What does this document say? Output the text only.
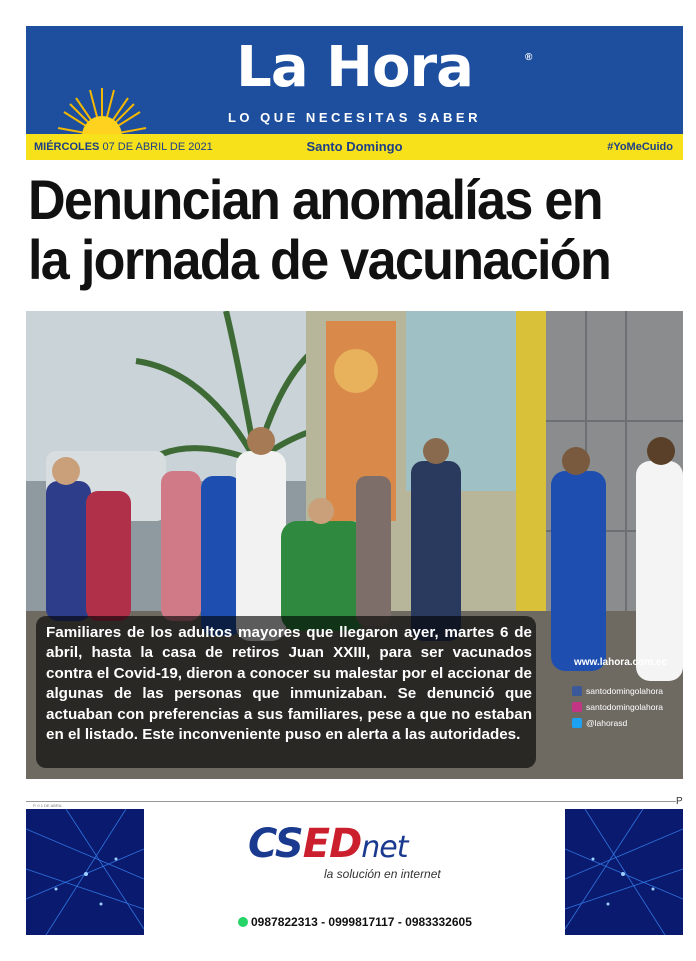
La Hora	®
LO QUE NECESITAS SABER
MIÉRCOLES 07 DE ABRIL DE 2021	Santo Domingo	#YoMeCuido
Denuncian anomalías en
la jornada de vacunación
Familiares de los adultos mayores que llegaron ayer, martes 6 de abril, hasta la casa de retiros Juan XXIII, para ser vacunados contra el Covid-19, dieron a conocer su malestar por el accionar de algunas de las personas que inmunizaban. Se denunció que actuaban con preferencias a sus familiares, pese a que no estaban en el listado. Este inconveniente puso en alerta a las autoridades.
www.lahora.com.ec
santodomingolahora
santodomingolahora
@lahorasd
P. 0 1 DE ABRIL	P
CSEDnet
la solución en internet
0987822313 - 0999817117 - 0983332605
